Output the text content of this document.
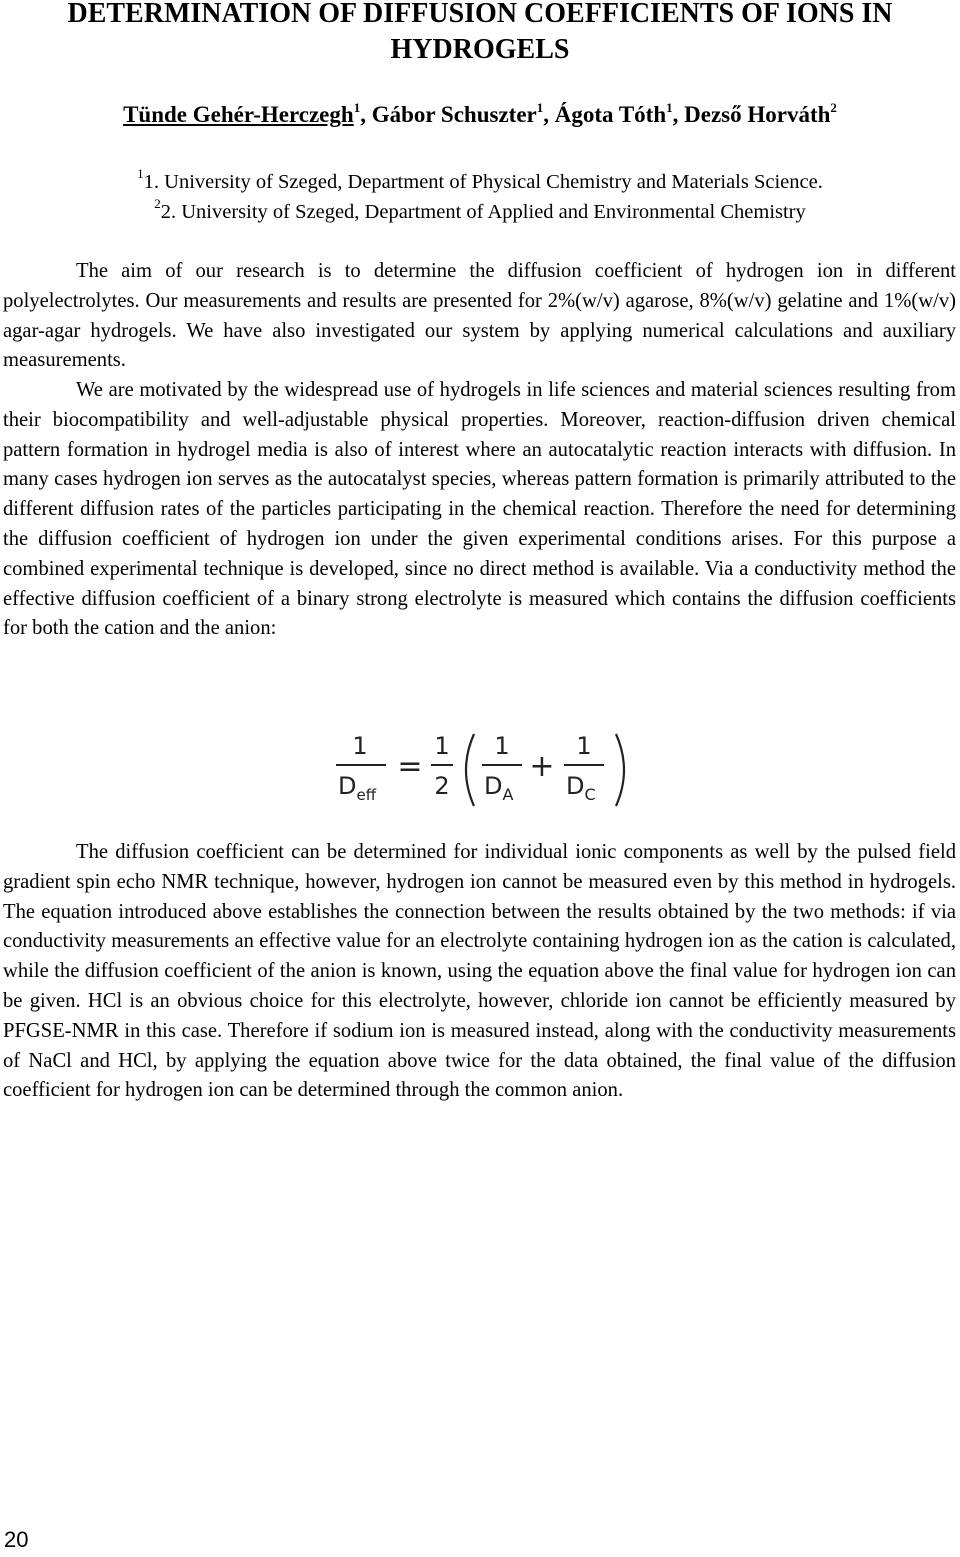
DETERMINATION OF DIFFUSION COEFFICIENTS OF IONS IN
HYDROGELS

Tünde Gehér-Herczegh$^1$, Gábor Schuszter$^1$, Ágota Tóth$^1$, Dezső Horváth$^2$

$^1$1. University of Szeged, Department of Physical Chemistry and Materials Science.

$^2$2. University of Szeged, Department of Applied and Environmental Chemistry

The aim of our research is to determine the diffusion coefficient of hydrogen ion in different polyelectrolytes. Our measurements and results are presented for 2%(w/v) agarose, 8%(w/v) gelatine and 1%(w/v) agar-agar hydrogels. We have also investigated our system by applying numerical calculations and auxiliary measurements.

We are motivated by the widespread use of hydrogels in life sciences and material sciences resulting from their biocompatibility and well-adjustable physical properties. Moreover, reaction-diffusion driven chemical pattern formation in hydrogel media is also of interest where an autocatalytic reaction interacts with diffusion. In many cases hydrogen ion serves as the autocatalyst species, whereas pattern formation is primarily attributed to the different diffusion rates of the particles participating in the chemical reaction. Therefore the need for determining the diffusion coefficient of hydrogen ion under the given experimental conditions arises. For this purpose a combined experimental technique is developed, since no direct method is available. Via a conductivity method the effective diffusion coefficient of a binary strong electrolyte is measured which contains the diffusion coefficients for both the cation and the anion:

1
$D_{eff}$
=
1
2
1
$D_A$
+
1
$D_C$

The diffusion coefficient can be determined for individual ionic components as well by the pulsed field gradient spin echo NMR technique, however, hydrogen ion cannot be measured even by this method in hydrogels. The equation introduced above establishes the connection between the results obtained by the two methods: if via conductivity measurements an effective value for an electrolyte containing hydrogen ion as the cation is calculated, while the diffusion coefficient of the anion is known, using the equation above the final value for hydrogen ion can be given. HCl is an obvious choice for this electrolyte, however, chloride ion cannot be efficiently measured by PFGSE-NMR in this case. Therefore if sodium ion is measured instead, along with the conductivity measurements of NaCl and HCl, by applying the equation above twice for the data obtained, the final value of the diffusion coefficient for hydrogen ion can be determined through the common anion.

20
